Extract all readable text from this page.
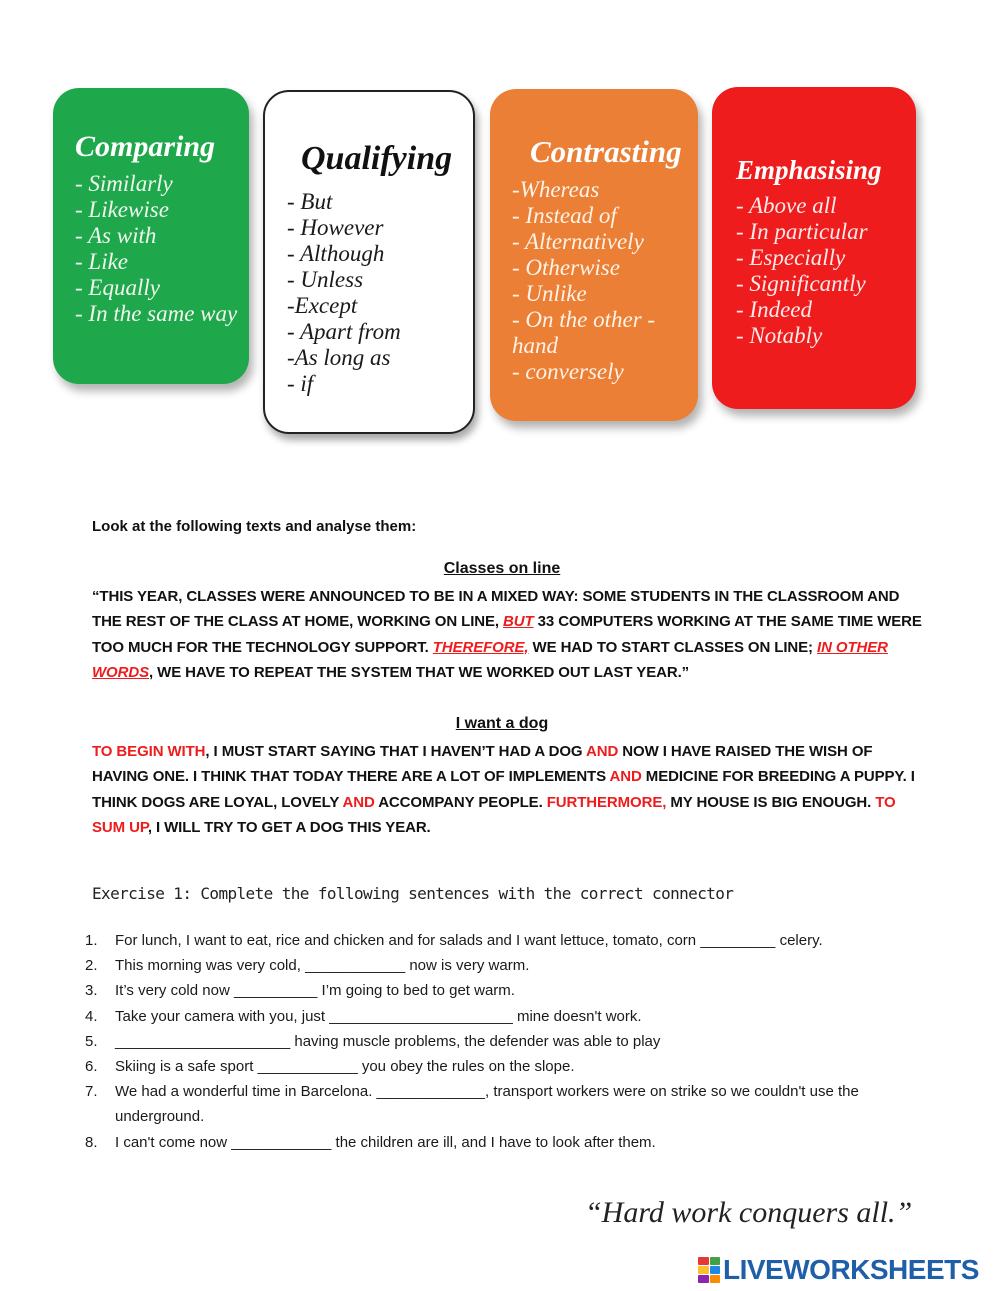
Comparing
- Similarly
- Likewise
- As with
- Like
- Equally
- In the same way
Qualifying
- But
- However
- Although
- Unless
-Except
- Apart from
-As long as
- if
Contrasting
-Whereas
- Instead of
- Alternatively
- Otherwise
- Unlike
- On the other - hand
- conversely
Emphasising
- Above all
- In particular
- Especially
- Significantly
- Indeed
- Notably
Look at the following texts and analyse them:
Classes on line
“THIS YEAR, CLASSES WERE ANNOUNCED TO BE IN A MIXED WAY: SOME STUDENTS IN THE CLASSROOM AND THE REST OF THE CLASS AT HOME, WORKING ON LINE, BUT 33 COMPUTERS WORKING AT THE SAME TIME WERE TOO MUCH FOR THE TECHNOLOGY SUPPORT. THEREFORE, WE HAD TO START CLASSES ON LINE; IN OTHER WORDS, WE HAVE TO REPEAT THE SYSTEM THAT WE WORKED OUT LAST YEAR.”
I want a dog
TO BEGIN WITH, I MUST START SAYING THAT I HAVEN’T HAD A DOG AND NOW I HAVE RAISED THE WISH OF HAVING ONE. I THINK THAT TODAY THERE ARE A LOT OF IMPLEMENTS AND MEDICINE FOR BREEDING A PUPPY. I THINK DOGS ARE LOYAL, LOVELY AND ACCOMPANY PEOPLE. FURTHERMORE, MY HOUSE IS BIG ENOUGH. TO SUM UP, I WILL TRY TO GET A DOG THIS YEAR.
Exercise 1: Complete the following sentences with the correct connector
1. For lunch, I want to eat, rice and chicken and for salads and I want lettuce, tomato, corn _________ celery.
2. This morning was very cold, ____________ now is very warm.
3. It’s very cold now __________ I’m going to bed to get warm.
4. Take your camera with you, just ______________________ mine doesn't work.
5. _____________________ having muscle problems, the defender was able to play
6. Skiing is a safe sport ____________ you obey the rules on the slope.
7. We had a wonderful time in Barcelona. _____________, transport workers were on strike so we couldn't use the underground.
8. I can't come now ____________ the children are ill, and I have to look after them.
“Hard work conquers all.”
LIVEWORKSHEETS
